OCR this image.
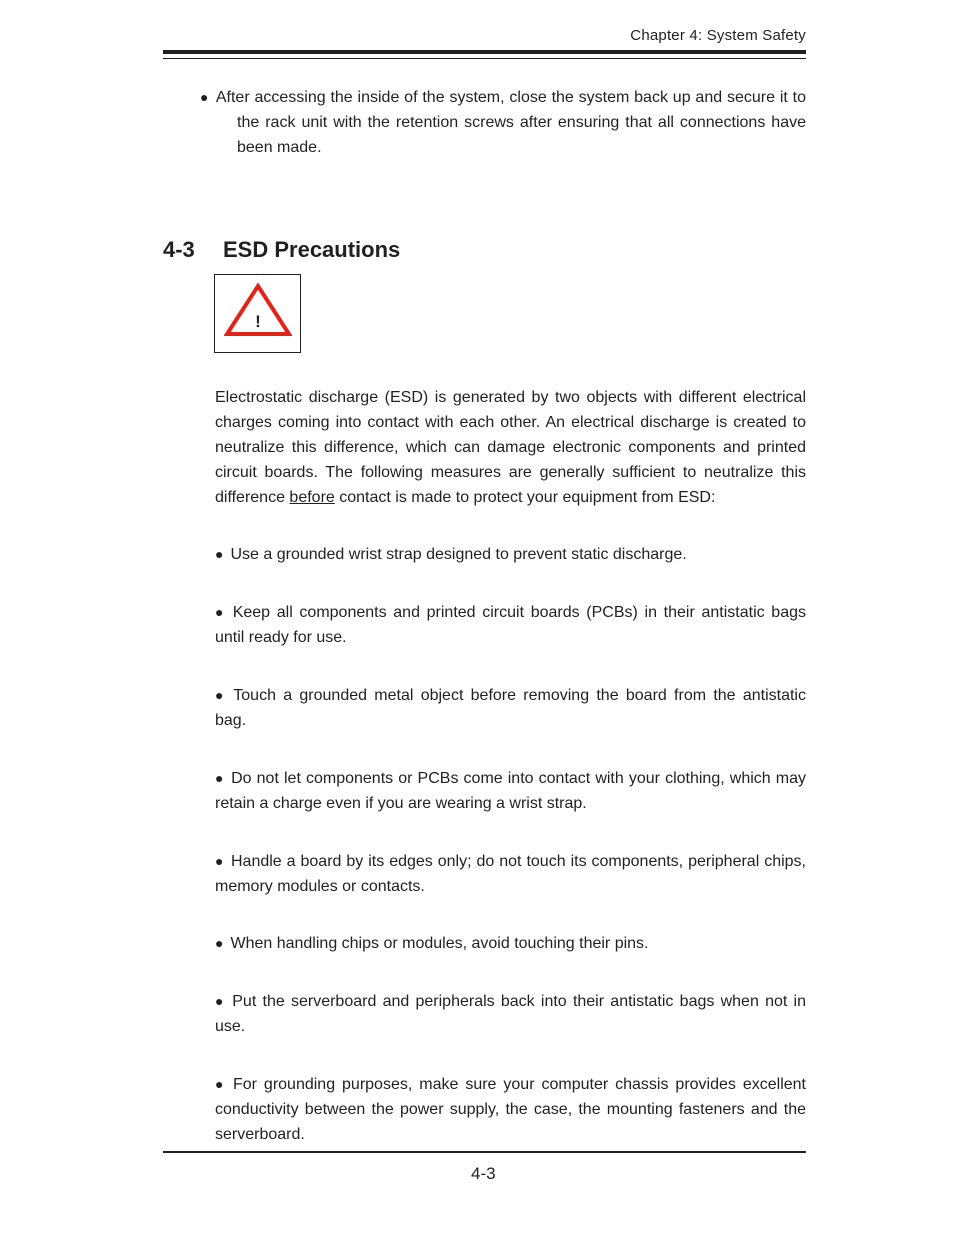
Chapter 4: System Safety
● After accessing the inside of the system, close the system back up and secure it to the rack unit with the retention screws after ensuring that all connections have been made.
4-3 ESD Precautions
!
Electrostatic discharge (ESD) is generated by two objects with different electrical charges coming into contact with each other. An electrical discharge is created to neutralize this difference, which can damage electronic components and printed circuit boards. The following measures are generally sufficient to neutralize this difference before contact is made to protect your equipment from ESD:
● Use a grounded wrist strap designed to prevent static discharge.
● Keep all components and printed circuit boards (PCBs) in their antistatic bags until ready for use.
● Touch a grounded metal object before removing the board from the antistatic bag.
● Do not let components or PCBs come into contact with your clothing, which may retain a charge even if you are wearing a wrist strap.
● Handle a board by its edges only; do not touch its components, peripheral chips, memory modules or contacts.
● When handling chips or modules, avoid touching their pins.
● Put the serverboard and peripherals back into their antistatic bags when not in use.
● For grounding purposes, make sure your computer chassis provides excellent conductivity between the power supply, the case, the mounting fasteners and the serverboard.
4-3
